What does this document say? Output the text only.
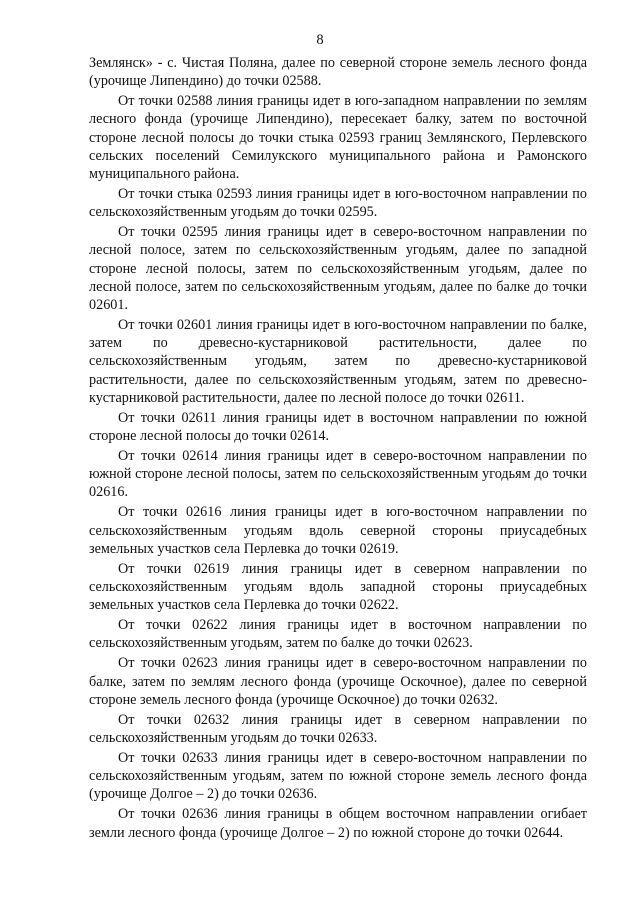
8

Землянск» - с. Чистая Поляна, далее по северной стороне земель лесного фонда (урочище Липендино) до точки 02588.

От точки 02588 линия границы идет в юго-западном направлении по землям лесного фонда (урочище Липендино), пересекает балку, затем по восточной стороне лесной полосы до точки стыка 02593 границ Землянского, Перлевского сельских поселений Семилукского муниципального района и Рамонского муниципального района.

От точки стыка 02593 линия границы идет в юго-восточном направлении по сельскохозяйственным угодьям до точки 02595.

От точки 02595 линия границы идет в северо-восточном направлении по лесной полосе, затем по сельскохозяйственным угодьям, далее по западной стороне лесной полосы, затем по сельскохозяйственным угодьям, далее по лесной полосе, затем по сельскохозяйственным угодьям, далее по балке до точки 02601.

От точки 02601 линия границы идет в юго-восточном направлении по балке, затем по древесно-кустарниковой растительности, далее по сельскохозяйственным угодьям, затем по древесно-кустарниковой растительности, далее по сельскохозяйственным угодьям, затем по древесно-кустарниковой растительности, далее по лесной полосе до точки 02611.

От точки 02611 линия границы идет в восточном направлении по южной стороне лесной полосы до точки 02614.

От точки 02614 линия границы идет в северо-восточном направлении по южной стороне лесной полосы, затем по сельскохозяйственным угодьям до точки 02616.

От точки 02616 линия границы идет в юго-восточном направлении по сельскохозяйственным угодьям вдоль северной стороны приусадебных земельных участков села Перлевка до точки 02619.

От точки 02619 линия границы идет в северном направлении по сельскохозяйственным угодьям вдоль западной стороны приусадебных земельных участков села Перлевка до точки 02622.

От точки 02622 линия границы идет в восточном направлении по сельскохозяйственным угодьям, затем по балке до точки 02623.

От точки 02623 линия границы идет в северо-восточном направлении по балке, затем по землям лесного фонда (урочище Оскочное), далее по северной стороне земель лесного фонда (урочище Оскочное) до точки 02632.

От точки 02632 линия границы идет в северном направлении по сельскохозяйственным угодьям до точки 02633.

От точки 02633 линия границы идет в северо-восточном направлении по сельскохозяйственным угодьям, затем по южной стороне земель лесного фонда (урочище Долгое – 2) до точки 02636.

От точки 02636 линия границы в общем восточном направлении огибает земли лесного фонда (урочище Долгое – 2) по южной стороне до точки 02644.
